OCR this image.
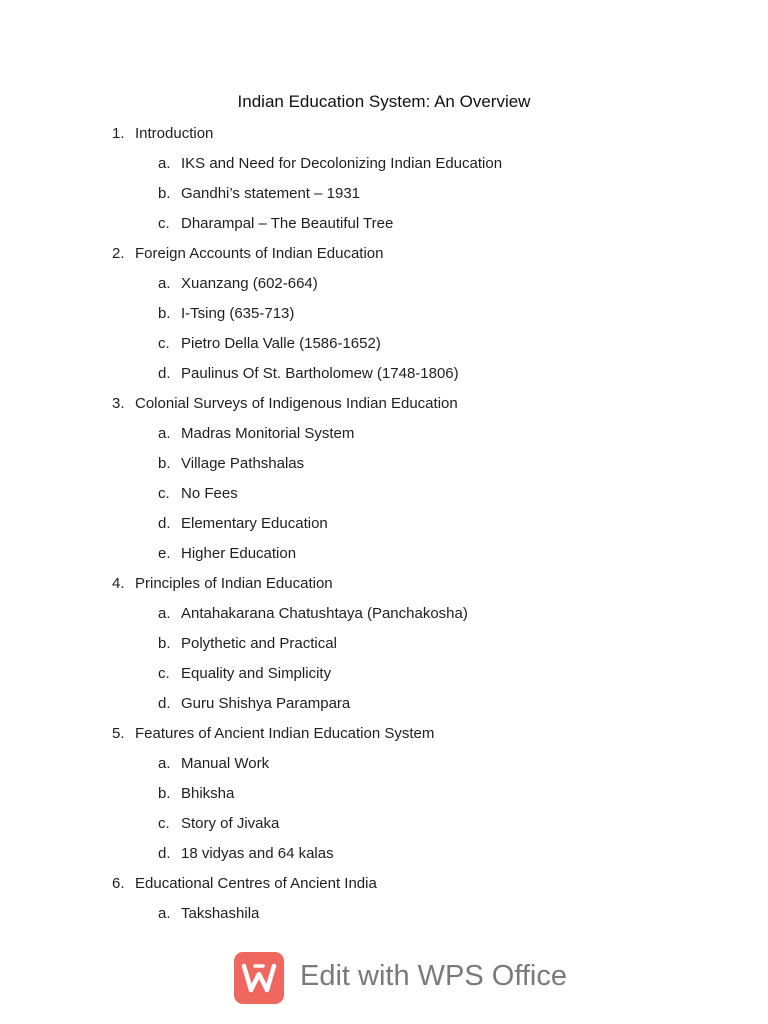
Indian Education System: An Overview
1. Introduction
a. IKS and Need for Decolonizing Indian Education
b. Gandhi’s statement – 1931
c. Dharampal – The Beautiful Tree
2. Foreign Accounts of Indian Education
a. Xuanzang (602-664)
b. I-Tsing (635-713)
c. Pietro Della Valle (1586-1652)
d. Paulinus Of St. Bartholomew (1748-1806)
3. Colonial Surveys of Indigenous Indian Education
a. Madras Monitorial System
b. Village Pathshalas
c. No Fees
d. Elementary Education
e. Higher Education
4. Principles of Indian Education
a. Antahakarana Chatushtaya (Panchakosha)
b. Polythetic and Practical
c. Equality and Simplicity
d. Guru Shishya Parampara
5. Features of Ancient Indian Education System
a. Manual Work
b. Bhiksha
c. Story of Jivaka
d. 18 vidyas and 64 kalas
6. Educational Centres of Ancient India
a. Takshashila
Edit with WPS Office
